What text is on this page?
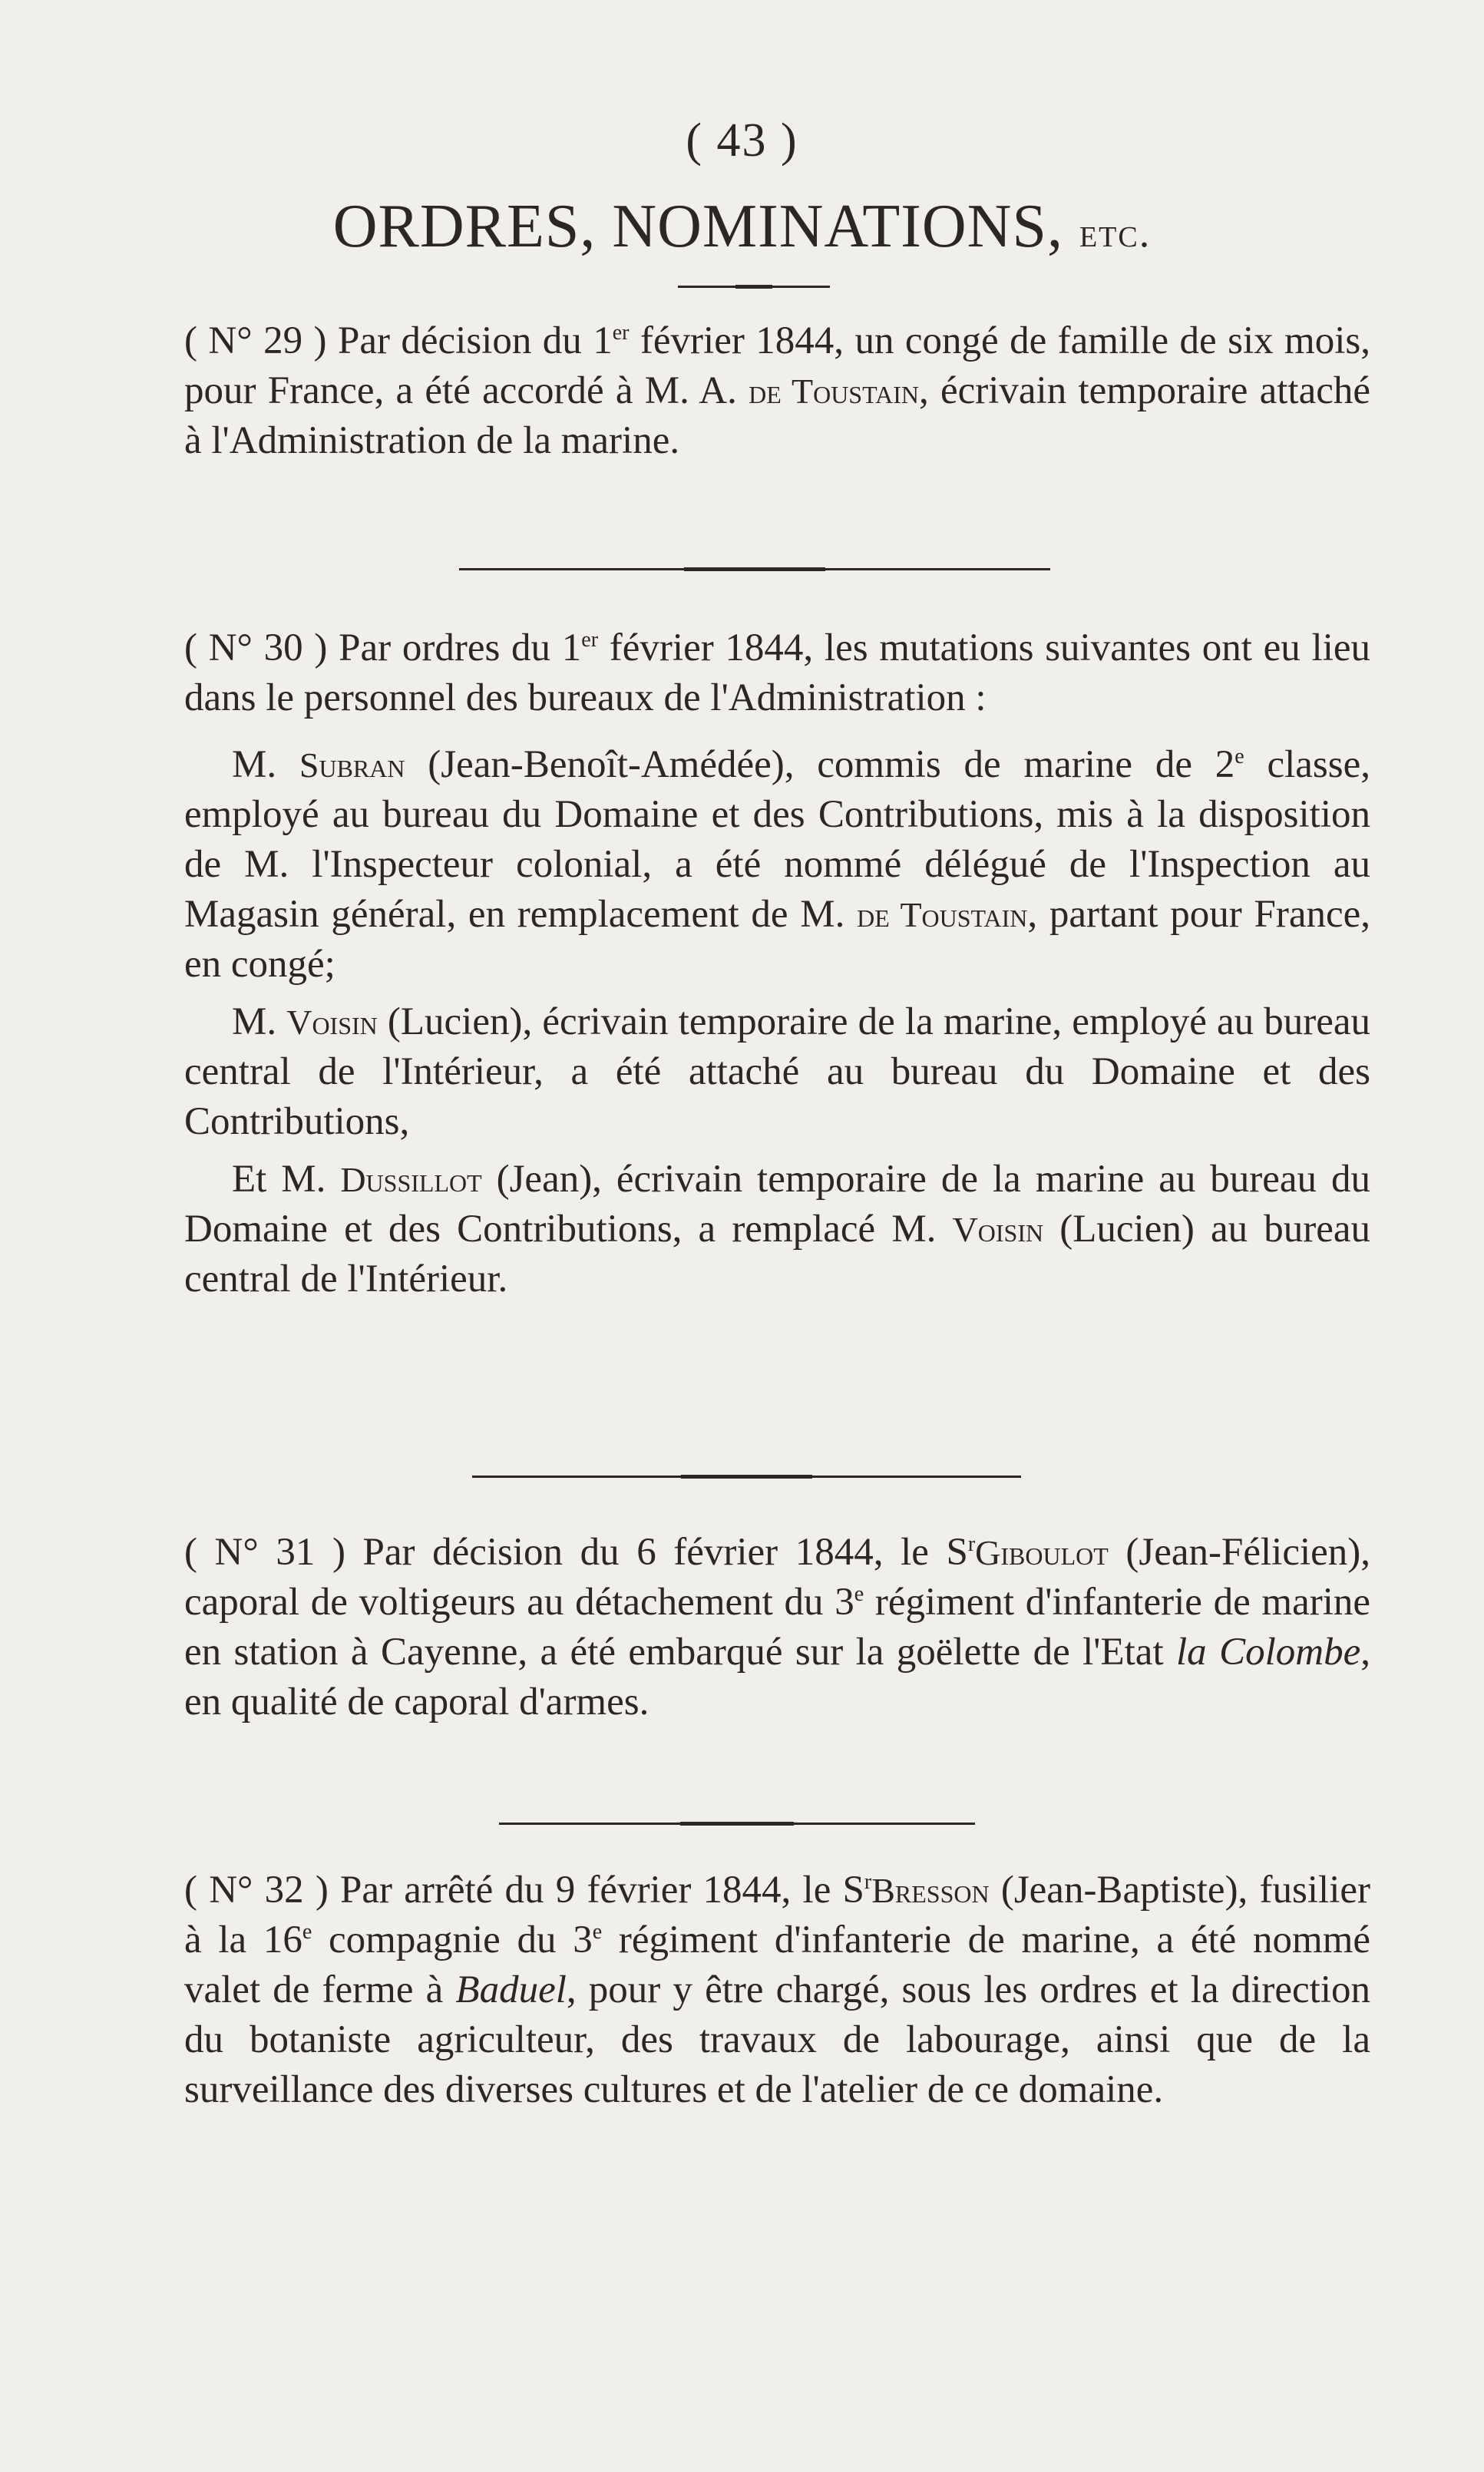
( 43 )
ORDRES, NOMINATIONS, etc.

( N° 29 ) Par décision du 1er février 1844, un congé de famille de six mois, pour France, a été accordé à M. A. de Toustain, écrivain temporaire attaché à l'Administration de la marine.

( N° 30 ) Par ordres du 1er février 1844, les mutations suivantes ont eu lieu dans le personnel des bureaux de l'Administration :

M. Subran (Jean-Benoît-Amédée), commis de marine de 2e classe, employé au bureau du Domaine et des Contributions, mis à la disposition de M. l'Inspecteur colonial, a été nommé délégué de l'Inspection au Magasin général, en remplacement de M. de Toustain, partant pour France, en congé;

M. Voisin (Lucien), écrivain temporaire de la marine, employé au bureau central de l'Intérieur, a été attaché au bureau du Domaine et des Contributions,

Et M. Dussillot (Jean), écrivain temporaire de la marine au bureau du Domaine et des Contributions, a remplacé M. Voisin (Lucien) au bureau central de l'Intérieur.

( N° 31 ) Par décision du 6 février 1844, le $S^rGiboulot$ (Jean-Félicien), caporal de voltigeurs au détachement du 3e régiment d'infanterie de marine en station à Cayenne, a été embarqué sur la goëlette de l'Etat la Colombe, en qualité de caporal d'armes.

( N° 32 ) Par arrêté du 9 février 1844, le $S^rBresson$ (Jean-Baptiste), fusilier à la 16e compagnie du 3e régiment d'infanterie de marine, a été nommé valet de ferme à Baduel, pour y être chargé, sous les ordres et la direction du botaniste agriculteur, des travaux de labourage, ainsi que de la surveillance des diverses cultures et de l'atelier de ce domaine.
